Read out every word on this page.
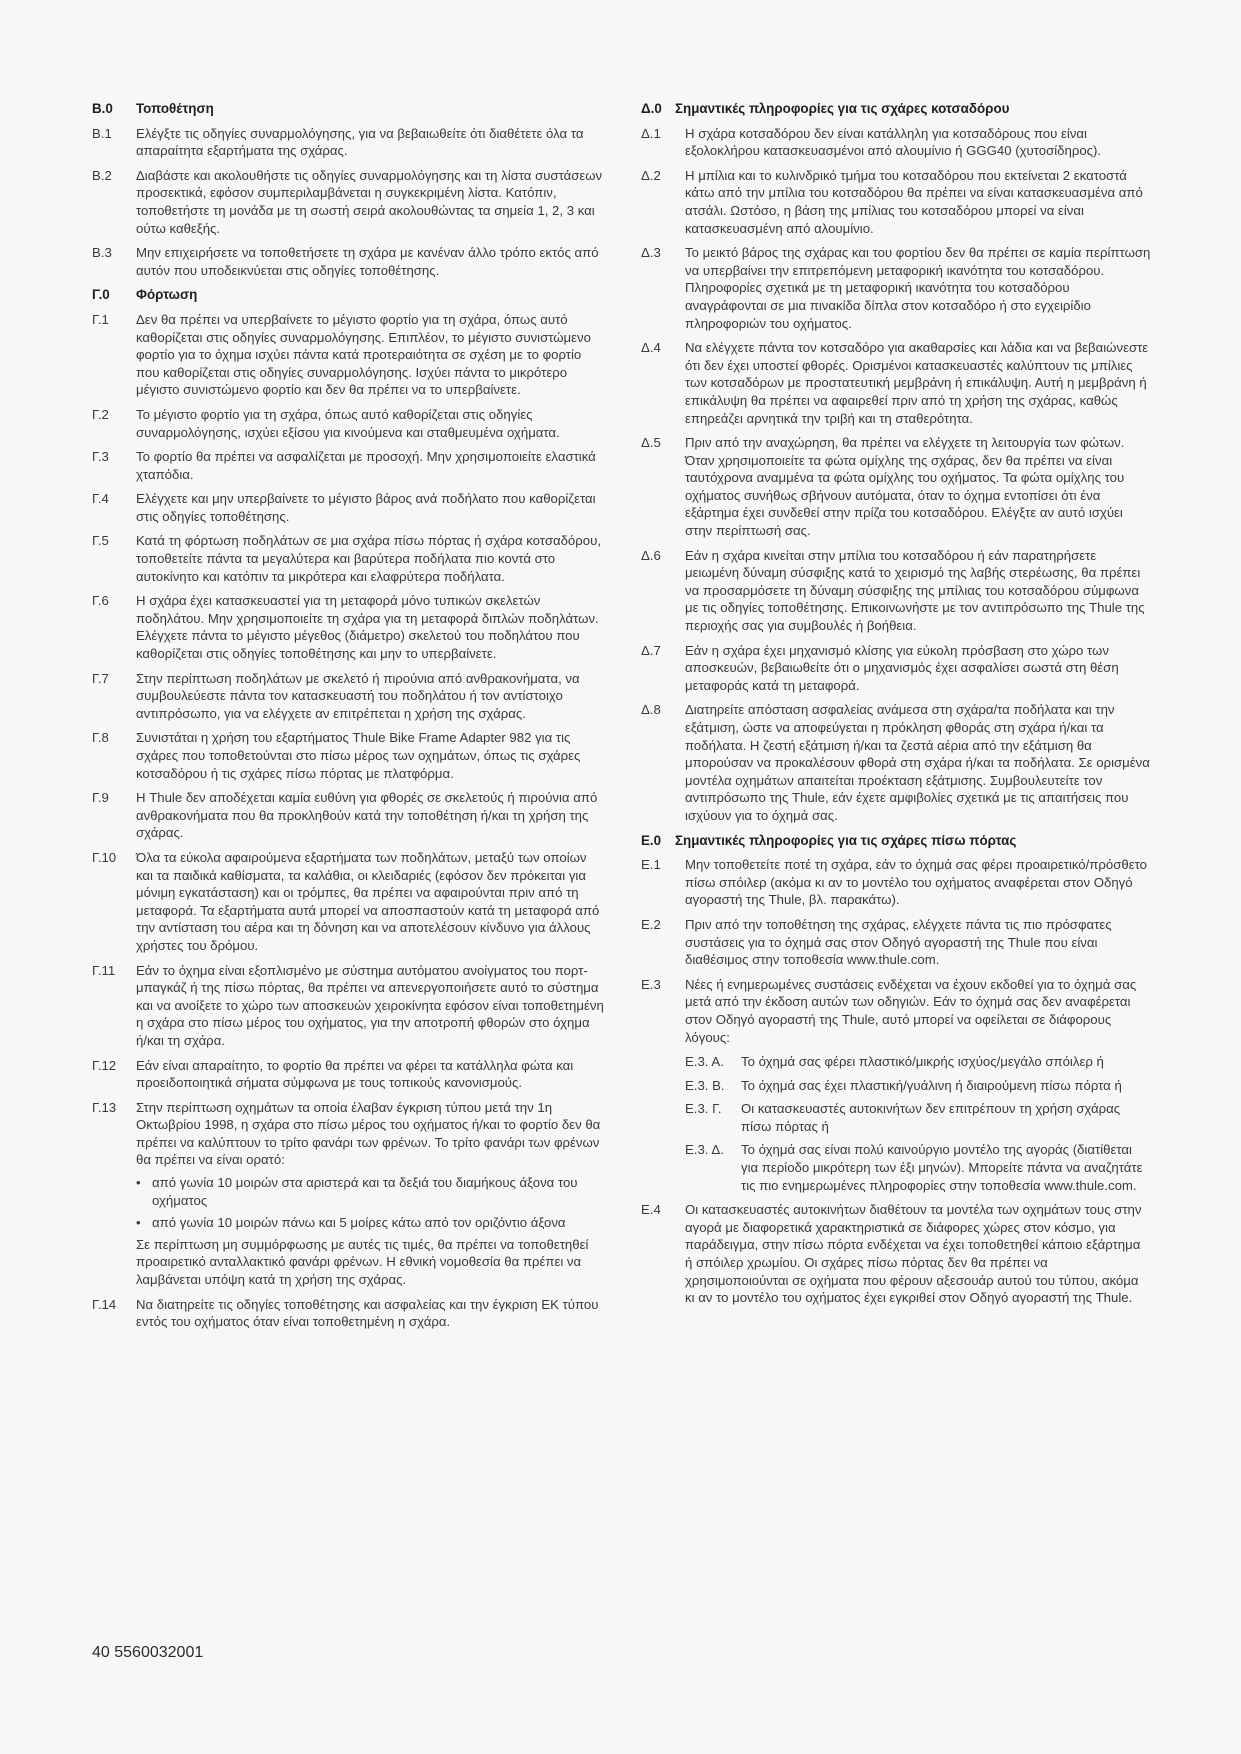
Β.0	Τοποθέτηση
Β.1	Ελέγξτε τις οδηγίες συναρμολόγησης, για να βεβαιωθείτε ότι διαθέτετε όλα τα απαραίτητα εξαρτήματα της σχάρας.
Β.2	Διαβάστε και ακολουθήστε τις οδηγίες συναρμολόγησης και τη λίστα συστάσεων προσεκτικά, εφόσον συμπεριλαμβάνεται η συγκεκριμένη λίστα. Κατόπιν, τοποθετήστε τη μονάδα με τη σωστή σειρά ακολουθώντας τα σημεία 1, 2, 3 και ούτω καθεξής.
Β.3	Μην επιχειρήσετε να τοποθετήσετε τη σχάρα με κανέναν άλλο τρόπο εκτός από αυτόν που υποδεικνύεται στις οδηγίες τοποθέτησης.
Γ.0	Φόρτωση
Γ.1	Δεν θα πρέπει να υπερβαίνετε το μέγιστο φορτίο για τη σχάρα, όπως αυτό καθορίζεται στις οδηγίες συναρμολόγησης. Επιπλέον, το μέγιστο συνιστώμενο φορτίο για το όχημα ισχύει πάντα κατά προτεραιότητα σε σχέση με το φορτίο που καθορίζεται στις οδηγίες συναρμολόγησης. Ισχύει πάντα το μικρότερο μέγιστο συνιστώμενο φορτίο και δεν θα πρέπει να το υπερβαίνετε.
Γ.2	Το μέγιστο φορτίο για τη σχάρα, όπως αυτό καθορίζεται στις οδηγίες συναρμολόγησης, ισχύει εξίσου για κινούμενα και σταθμευμένα οχήματα.
Γ.3	Το φορτίο θα πρέπει να ασφαλίζεται με προσοχή. Μην χρησιμοποιείτε ελαστικά χταπόδια.
Γ.4	Ελέγχετε και μην υπερβαίνετε το μέγιστο βάρος ανά ποδήλατο που καθορίζεται στις οδηγίες τοποθέτησης.
Γ.5	Κατά τη φόρτωση ποδηλάτων σε μια σχάρα πίσω πόρτας ή σχάρα κοτσαδόρου, τοποθετείτε πάντα τα μεγαλύτερα και βαρύτερα ποδήλατα πιο κοντά στο αυτοκίνητο και κατόπιν τα μικρότερα και ελαφρύτερα ποδήλατα.
Γ.6	Η σχάρα έχει κατασκευαστεί για τη μεταφορά μόνο τυπικών σκελετών ποδηλάτου. Μην χρησιμοποιείτε τη σχάρα για τη μεταφορά διπλών ποδηλάτων. Ελέγχετε πάντα το μέγιστο μέγεθος (διάμετρο) σκελετού του ποδηλάτου που καθορίζεται στις οδηγίες τοποθέτησης και μην το υπερβαίνετε.
Γ.7	Στην περίπτωση ποδηλάτων με σκελετό ή πιρούνια από ανθρακονήματα, να συμβουλεύεστε πάντα τον κατασκευαστή του ποδηλάτου ή τον αντίστοιχο αντιπρόσωπο, για να ελέγχετε αν επιτρέπεται η χρήση της σχάρας.
Γ.8	Συνιστάται η χρήση του εξαρτήματος Thule Bike Frame Adapter 982 για τις σχάρες που τοποθετούνται στο πίσω μέρος των οχημάτων, όπως τις σχάρες κοτσαδόρου ή τις σχάρες πίσω πόρτας με πλατφόρμα.
Γ.9	Η Thule δεν αποδέχεται καμία ευθύνη για φθορές σε σκελετούς ή πιρούνια από ανθρακονήματα που θα προκληθούν κατά την τοποθέτηση ή/και τη χρήση της σχάρας.
Γ.10	Όλα τα εύκολα αφαιρούμενα εξαρτήματα των ποδηλάτων, μεταξύ των οποίων και τα παιδικά καθίσματα, τα καλάθια, οι κλειδαριές (εφόσον δεν πρόκειται για μόνιμη εγκατάσταση) και οι τρόμπες, θα πρέπει να αφαιρούνται πριν από τη μεταφορά. Τα εξαρτήματα αυτά μπορεί να αποσπαστούν κατά τη μεταφορά από την αντίσταση του αέρα και τη δόνηση και να αποτελέσουν κίνδυνο για άλλους χρήστες του δρόμου.
Γ.11	Εάν το όχημα είναι εξοπλισμένο με σύστημα αυτόματου ανοίγματος του πορτ-μπαγκάζ ή της πίσω πόρτας, θα πρέπει να απενεργοποιήσετε αυτό το σύστημα και να ανοίξετε το χώρο των αποσκευών χειροκίνητα εφόσον είναι τοποθετημένη η σχάρα στο πίσω μέρος του οχήματος, για την αποτροπή φθορών στο όχημα ή/και τη σχάρα.
Γ.12	Εάν είναι απαραίτητο, το φορτίο θα πρέπει να φέρει τα κατάλληλα φώτα και προειδοποιητικά σήματα σύμφωνα με τους τοπικούς κανονισμούς.
Γ.13	Στην περίπτωση οχημάτων τα οποία έλαβαν έγκριση τύπου μετά την 1η Οκτωβρίου 1998, η σχάρα στο πίσω μέρος του οχήματος ή/και το φορτίο δεν θα πρέπει να καλύπτουν το τρίτο φανάρι των φρένων. Το τρίτο φανάρι των φρένων θα πρέπει να είναι ορατό:
• από γωνία 10 μοιρών στα αριστερά και τα δεξιά του διαμήκους άξονα του οχήματος
• από γωνία 10 μοιρών πάνω και 5 μοίρες κάτω από τον οριζόντιο άξονα
Σε περίπτωση μη συμμόρφωσης με αυτές τις τιμές, θα πρέπει να τοποθετηθεί προαιρετικό ανταλλακτικό φανάρι φρένων. Η εθνική νομοθεσία θα πρέπει να λαμβάνεται υπόψη κατά τη χρήση της σχάρας.
Γ.14	Να διατηρείτε τις οδηγίες τοποθέτησης και ασφαλείας και την έγκριση ΕΚ τύπου εντός του οχήματος όταν είναι τοποθετημένη η σχάρα.
Δ.0 Σημαντικές πληροφορίες για τις σχάρες κοτσαδόρου
Δ.1	Η σχάρα κοτσαδόρου δεν είναι κατάλληλη για κοτσαδόρους που είναι εξολοκλήρου κατασκευασμένοι από αλουμίνιο ή GGG40 (χυτοσίδηρος).
Δ.2	Η μπίλια και το κυλινδρικό τμήμα του κοτσαδόρου που εκτείνεται 2 εκατοστά κάτω από την μπίλια του κοτσαδόρου θα πρέπει να είναι κατασκευασμένα από ατσάλι. Ωστόσο, η βάση της μπίλιας του κοτσαδόρου μπορεί να είναι κατασκευασμένη από αλουμίνιο.
Δ.3	Το μεικτό βάρος της σχάρας και του φορτίου δεν θα πρέπει σε καμία περίπτωση να υπερβαίνει την επιτρεπόμενη μεταφορική ικανότητα του κοτσαδόρου. Πληροφορίες σχετικά με τη μεταφορική ικανότητα του κοτσαδόρου αναγράφονται σε μια πινακίδα δίπλα στον κοτσαδόρο ή στο εγχειρίδιο πληροφοριών του οχήματος.
Δ.4	Να ελέγχετε πάντα τον κοτσαδόρο για ακαθαρσίες και λάδια και να βεβαιώνεστε ότι δεν έχει υποστεί φθορές. Ορισμένοι κατασκευαστές καλύπτουν τις μπίλιες των κοτσαδόρων με προστατευτική μεμβράνη ή επικάλυψη. Αυτή η μεμβράνη ή επικάλυψη θα πρέπει να αφαιρεθεί πριν από τη χρήση της σχάρας, καθώς επηρεάζει αρνητικά την τριβή και τη σταθερότητα.
Δ.5	Πριν από την αναχώρηση, θα πρέπει να ελέγχετε τη λειτουργία των φώτων. Όταν χρησιμοποιείτε τα φώτα ομίχλης της σχάρας, δεν θα πρέπει να είναι ταυτόχρονα αναμμένα τα φώτα ομίχλης του οχήματος. Τα φώτα ομίχλης του οχήματος συνήθως σβήνουν αυτόματα, όταν το όχημα εντοπίσει ότι ένα εξάρτημα έχει συνδεθεί στην πρίζα του κοτσαδόρου. Ελέγξτε αν αυτό ισχύει στην περίπτωσή σας.
Δ.6	Εάν η σχάρα κινείται στην μπίλια του κοτσαδόρου ή εάν παρατηρήσετε μειωμένη δύναμη σύσφιξης κατά το χειρισμό της λαβής στερέωσης, θα πρέπει να προσαρμόσετε τη δύναμη σύσφιξης της μπίλιας του κοτσαδόρου σύμφωνα με τις οδηγίες τοποθέτησης. Επικοινωνήστε με τον αντιπρόσωπο της Thule της περιοχής σας για συμβουλές ή βοήθεια.
Δ.7	Εάν η σχάρα έχει μηχανισμό κλίσης για εύκολη πρόσβαση στο χώρο των αποσκευών, βεβαιωθείτε ότι ο μηχανισμός έχει ασφαλίσει σωστά στη θέση μεταφοράς κατά τη μεταφορά.
Δ.8	Διατηρείτε απόσταση ασφαλείας ανάμεσα στη σχάρα/τα ποδήλατα και την εξάτμιση, ώστε να αποφεύγεται η πρόκληση φθοράς στη σχάρα ή/και τα ποδήλατα. Η ζεστή εξάτμιση ή/και τα ζεστά αέρια από την εξάτμιση θα μπορούσαν να προκαλέσουν φθορά στη σχάρα ή/και τα ποδήλατα. Σε ορισμένα μοντέλα οχημάτων απαιτείται προέκταση εξάτμισης. Συμβουλευτείτε τον αντιπρόσωπο της Thule, εάν έχετε αμφιβολίες σχετικά με τις απαιτήσεις που ισχύουν για το όχημά σας.
Ε.0	Σημαντικές πληροφορίες για τις σχάρες πίσω πόρτας
Ε.1	Μην τοποθετείτε ποτέ τη σχάρα, εάν το όχημά σας φέρει προαιρετικό/πρόσθετο πίσω σπόιλερ (ακόμα κι αν το μοντέλο του οχήματος αναφέρεται στον Οδηγό αγοραστή της Thule, βλ. παρακάτω).
Ε.2	Πριν από την τοποθέτηση της σχάρας, ελέγχετε πάντα τις πιο πρόσφατες συστάσεις για το όχημά σας στον Οδηγό αγοραστή της Thule που είναι διαθέσιμος στην τοποθεσία www.thule.com.
Ε.3	Νέες ή ενημερωμένες συστάσεις ενδέχεται να έχουν εκδοθεί για το όχημά σας μετά από την έκδοση αυτών των οδηγιών. Εάν το όχημά σας δεν αναφέρεται στον Οδηγό αγοραστή της Thule, αυτό μπορεί να οφείλεται σε διάφορους λόγους:
Ε.3. Α.	Το όχημά σας φέρει πλαστικό/μικρής ισχύος/μεγάλο σπόιλερ ή
Ε.3. Β.	Το όχημά σας έχει πλαστική/γυάλινη ή διαιρούμενη πίσω πόρτα ή
Ε.3. Γ.	Οι κατασκευαστές αυτοκινήτων δεν επιτρέπουν τη χρήση σχάρας πίσω πόρτας ή
Ε.3. Δ.	Το όχημά σας είναι πολύ καινούργιο μοντέλο της αγοράς (διατίθεται για περίοδο μικρότερη των έξι μηνών). Μπορείτε πάντα να αναζητάτε τις πιο ενημερωμένες πληροφορίες στην τοποθεσία www.thule.com.
Ε.4	Οι κατασκευαστές αυτοκινήτων διαθέτουν τα μοντέλα των οχημάτων τους στην αγορά με διαφορετικά χαρακτηριστικά σε διάφορες χώρες στον κόσμο, για παράδειγμα, στην πίσω πόρτα ενδέχεται να έχει τοποθετηθεί κάποιο εξάρτημα ή σπόιλερ χρωμίου. Οι σχάρες πίσω πόρτας δεν θα πρέπει να χρησιμοποιούνται σε οχήματα που φέρουν αξεσουάρ αυτού του τύπου, ακόμα κι αν το μοντέλο του οχήματος έχει εγκριθεί στον Οδηγό αγοραστή της Thule.
40 5560032001
